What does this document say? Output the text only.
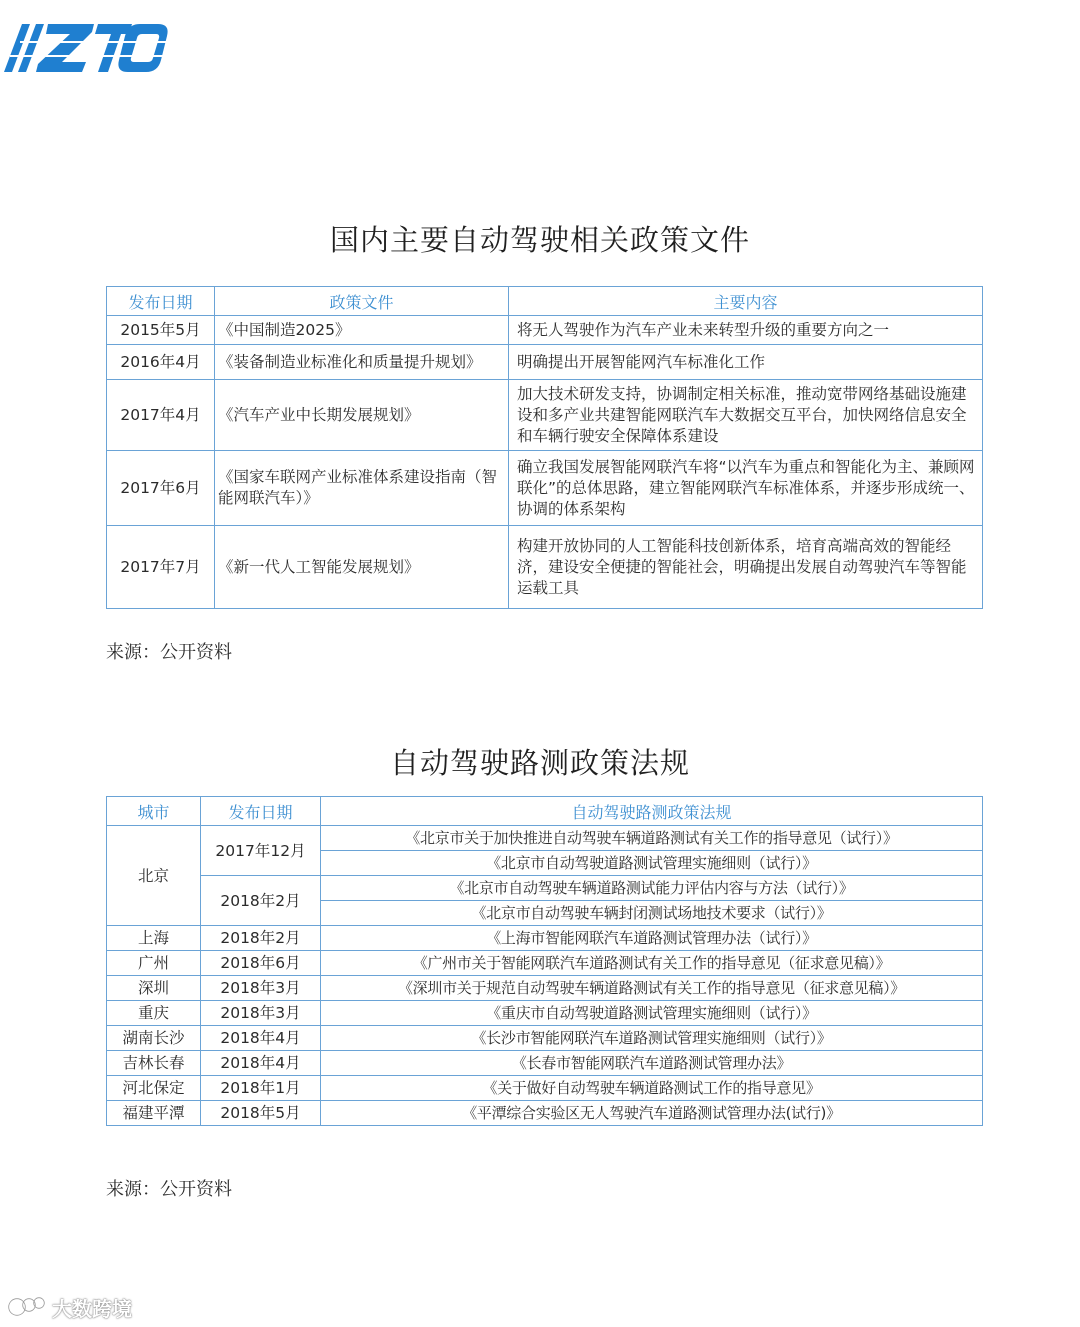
国内主要自动驾驶相关政策文件
发布日期	政策文件	主要内容
2015年5月	《中国制造2025》	将无人驾驶作为汽车产业未来转型升级的重要方向之一
2016年4月	《装备制造业标准化和质量提升规划》	明确提出开展智能网汽车标准化工作
2017年4月	《汽车产业中长期发展规划》	加大技术研发支持，协调制定相关标准，推动宽带网络基础设施建设和多产业共建智能网联汽车大数据交互平台，加快网络信息安全和车辆行驶安全保障体系建设
2017年6月	《国家车联网产业标准体系建设指南（智能网联汽车）》	确立我国发展智能网联汽车将“以汽车为重点和智能化为主、兼顾网联化”的总体思路，建立智能网联汽车标准体系，并逐步形成统一、协调的体系架构
2017年7月	《新一代人工智能发展规划》	构建开放协同的人工智能科技创新体系，培育高端高效的智能经济，建设安全便捷的智能社会，明确提出发展自动驾驶汽车等智能运载工具
来源：公开资料
自动驾驶路测政策法规
城市	发布日期	自动驾驶路测政策法规
北京	2017年12月	《北京市关于加快推进自动驾驶车辆道路测试有关工作的指导意见（试行）》
		《北京市自动驾驶道路测试管理实施细则（试行）》
	2018年2月	《北京市自动驾驶车辆道路测试能力评估内容与方法（试行）》
		《北京市自动驾驶车辆封闭测试场地技术要求（试行）》
上海	2018年2月	《上海市智能网联汽车道路测试管理办法（试行）》
广州	2018年6月	《广州市关于智能网联汽车道路测试有关工作的指导意见（征求意见稿）》
深圳	2018年3月	《深圳市关于规范自动驾驶车辆道路测试有关工作的指导意见（征求意见稿）》
重庆	2018年3月	《重庆市自动驾驶道路测试管理实施细则（试行）》
湖南长沙	2018年4月	《长沙市智能网联汽车道路测试管理实施细则（试行）》
吉林长春	2018年4月	《长春市智能网联汽车道路测试管理办法》
河北保定	2018年1月	《关于做好自动驾驶车辆道路测试工作的指导意见》
福建平潭	2018年5月	《平潭综合实验区无人驾驶汽车道路测试管理办法(试行)》
来源：公开资料
大数跨境
